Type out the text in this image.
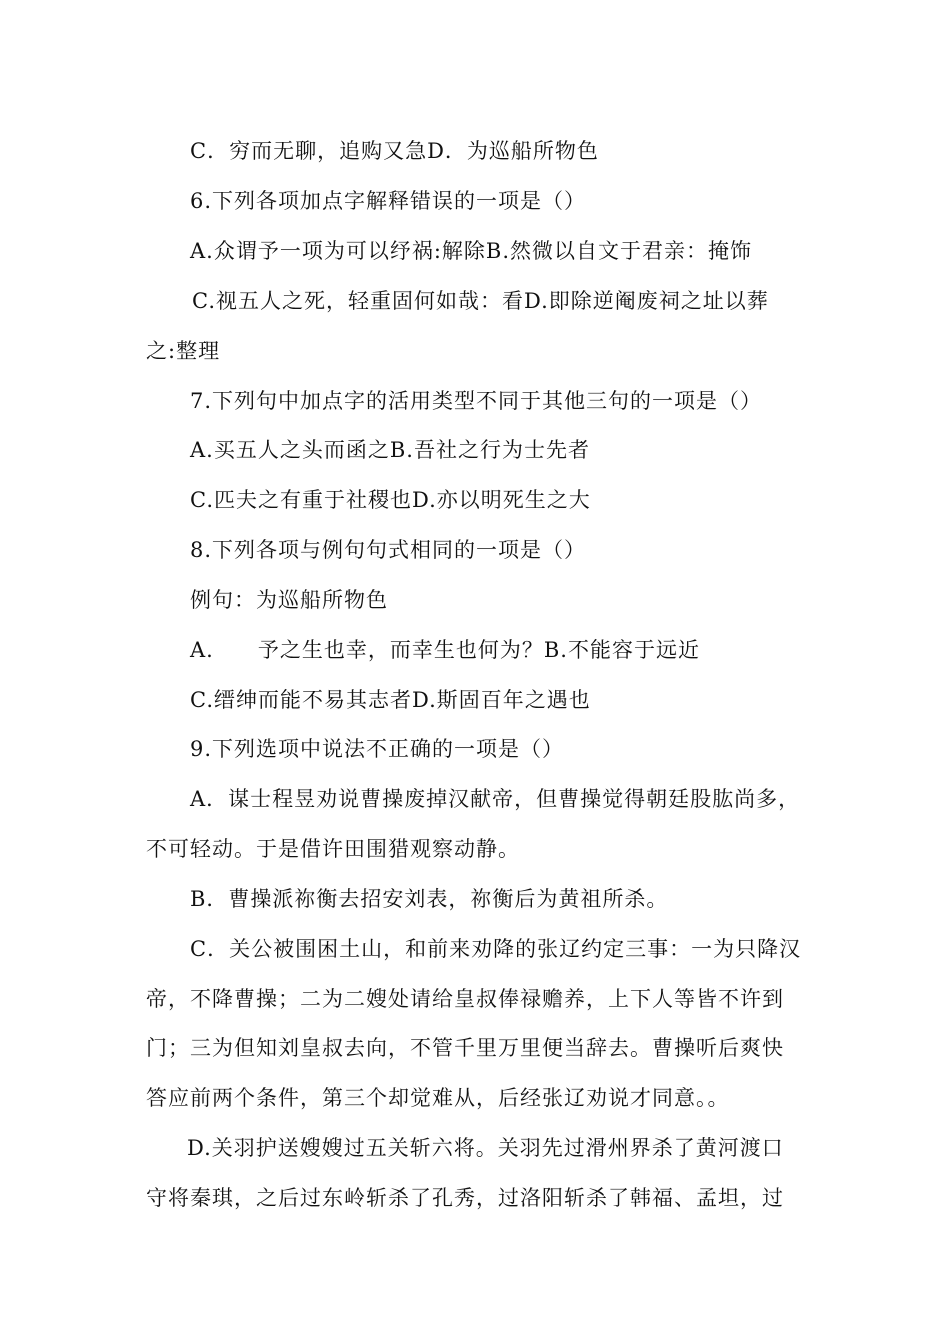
C．穷而无聊，追购又急D．为巡船所物色
6.下列各项加点字解释错误的一项是（）
A.众谓予一项为可以纾祸:解除B.然微以自文于君亲：掩饰
C.视五人之死，轻重固何如哉：看D.即除逆阉废祠之址以葬
之:整理
7.下列句中加点字的活用类型不同于其他三句的一项是（）
A.买五人之头而函之B.吾社之行为士先者
C.匹夫之有重于社稷也D.亦以明死生之大
8.下列各项与例句句式相同的一项是（）
例句：为巡船所物色
A.　　予之生也幸，而幸生也何为？B.不能容于远近
C.缙绅而能不易其志者D.斯固百年之遇也
9.下列选项中说法不正确的一项是（）
A．谋士程昱劝说曹操废掉汉献帝，但曹操觉得朝廷股肱尚多，
不可轻动。于是借许田围猎观察动静。
B．曹操派祢衡去招安刘表，祢衡后为黄祖所杀。
C．关公被围困土山，和前来劝降的张辽约定三事：一为只降汉
帝，不降曹操；二为二嫂处请给皇叔俸禄赡养，上下人等皆不许到
门；三为但知刘皇叔去向，不管千里万里便当辞去。曹操听后爽快
答应前两个条件，第三个却觉难从，后经张辽劝说才同意。。
D.关羽护送嫂嫂过五关斩六将。关羽先过滑州界杀了黄河渡口
守将秦琪，之后过东岭斩杀了孔秀，过洛阳斩杀了韩福、孟坦，过
